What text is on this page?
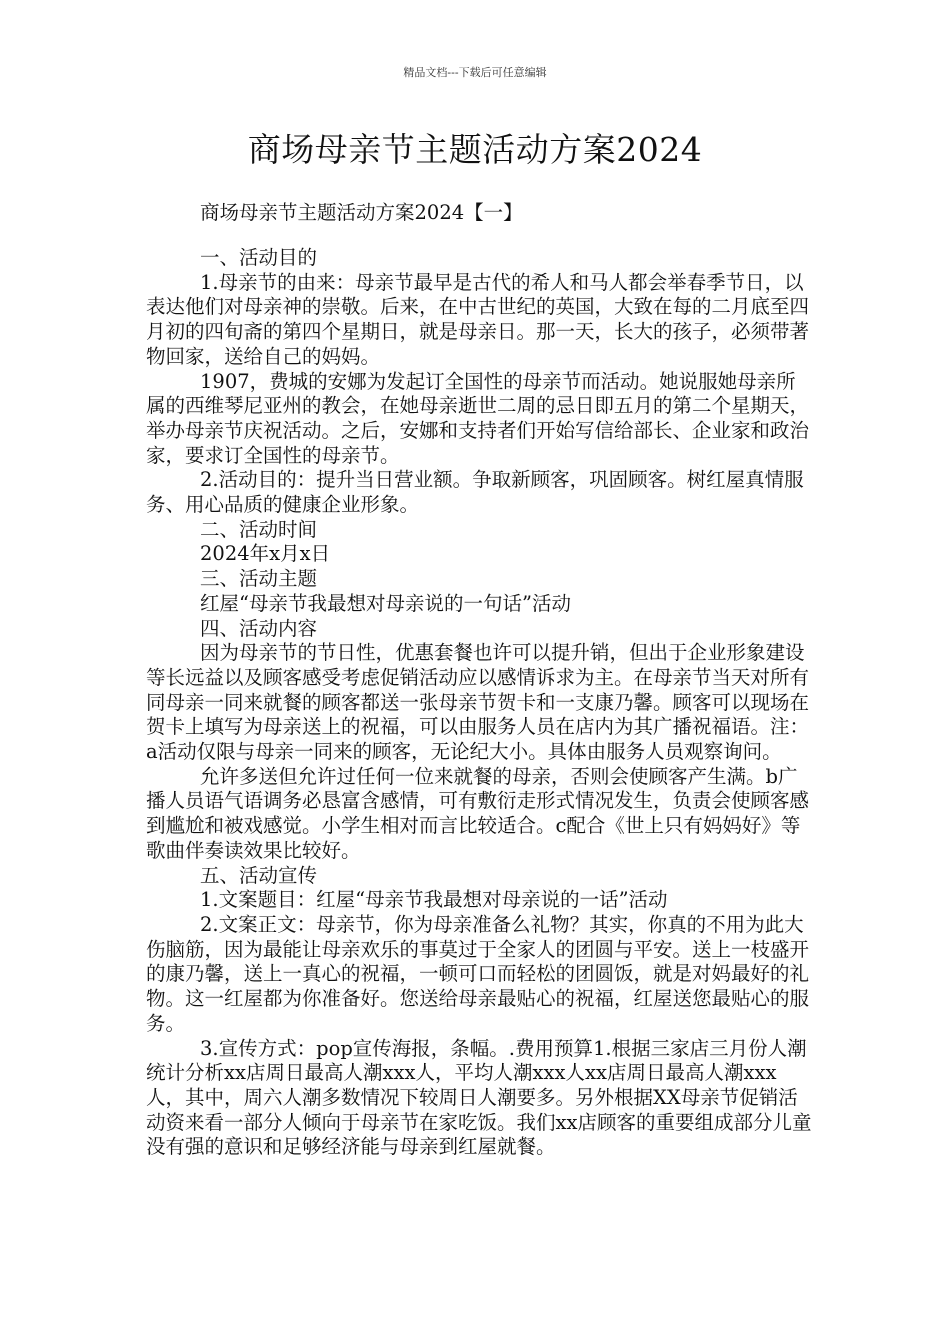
精品文档---下载后可任意编辑
商场母亲节主题活动方案2024
商场母亲节主题活动方案2024【一】

一、活动目的

1.母亲节的由来：母亲节最早是古代的希人和马人都会举春季节日，以表达他们对母亲神的崇敬。后来，在中古世纪的英国，大致在每的二月底至四月初的四旬斋的第四个星期日，就是母亲日。那一天，长大的孩子，必须带著物回家，送给自己的妈妈。

1907，费城的安娜为发起订全国性的母亲节而活动。她说服她母亲所属的西维琴尼亚州的教会，在她母亲逝世二周的忌日即五月的第二个星期天，举办母亲节庆祝活动。之后，安娜和支持者们开始写信给部长、企业家和政治家，要求订全国性的母亲节。

2.活动目的：提升当日营业额。争取新顾客，巩固顾客。树红屋真情服务、用心品质的健康企业形象。

二、活动时间

2024年x月x日

三、活动主题

红屋“母亲节我最想对母亲说的一句话”活动

四、活动内容

因为母亲节的节日性，优惠套餐也许可以提升销，但出于企业形象建设等长远益以及顾客感受考虑促销活动应以感情诉求为主。在母亲节当天对所有同母亲一同来就餐的顾客都送一张母亲节贺卡和一支康乃馨。顾客可以现场在贺卡上填写为母亲送上的祝福，可以由服务人员在店内为其广播祝福语。注：a活动仅限与母亲一同来的顾客，无论纪大小。具体由服务人员观察询问。

允许多送但允许过任何一位来就餐的母亲，否则会使顾客产生满。b广播人员语气语调务必恳富含感情，可有敷衍走形式情况发生，负责会使顾客感到尴尬和被戏感觉。小学生相对而言比较适合。c配合《世上只有妈妈好》等歌曲伴奏读效果比较好。

五、活动宣传

1.文案题目：红屋“母亲节我最想对母亲说的一话”活动

2.文案正文：母亲节，你为母亲准备么礼物？其实，你真的不用为此大伤脑筋，因为最能让母亲欢乐的事莫过于全家人的团圆与平安。送上一枝盛开的康乃馨，送上一真心的祝福，一顿可口而轻松的团圆饭，就是对妈最好的礼物。这一红屋都为你准备好。您送给母亲最贴心的祝福，红屋送您最贴心的服务。

3.宣传方式：pop宣传海报，条幅。.费用预算1.根据三家店三月份人潮统计分析xx店周日最高人潮xxx人，平均人潮xxx人xx店周日最高人潮xxx人，其中，周六人潮多数情况下较周日人潮要多。另外根据XX母亲节促销活动资来看一部分人倾向于母亲节在家吃饭。我们xx店顾客的重要组成部分儿童没有强的意识和足够经济能与母亲到红屋就餐。
